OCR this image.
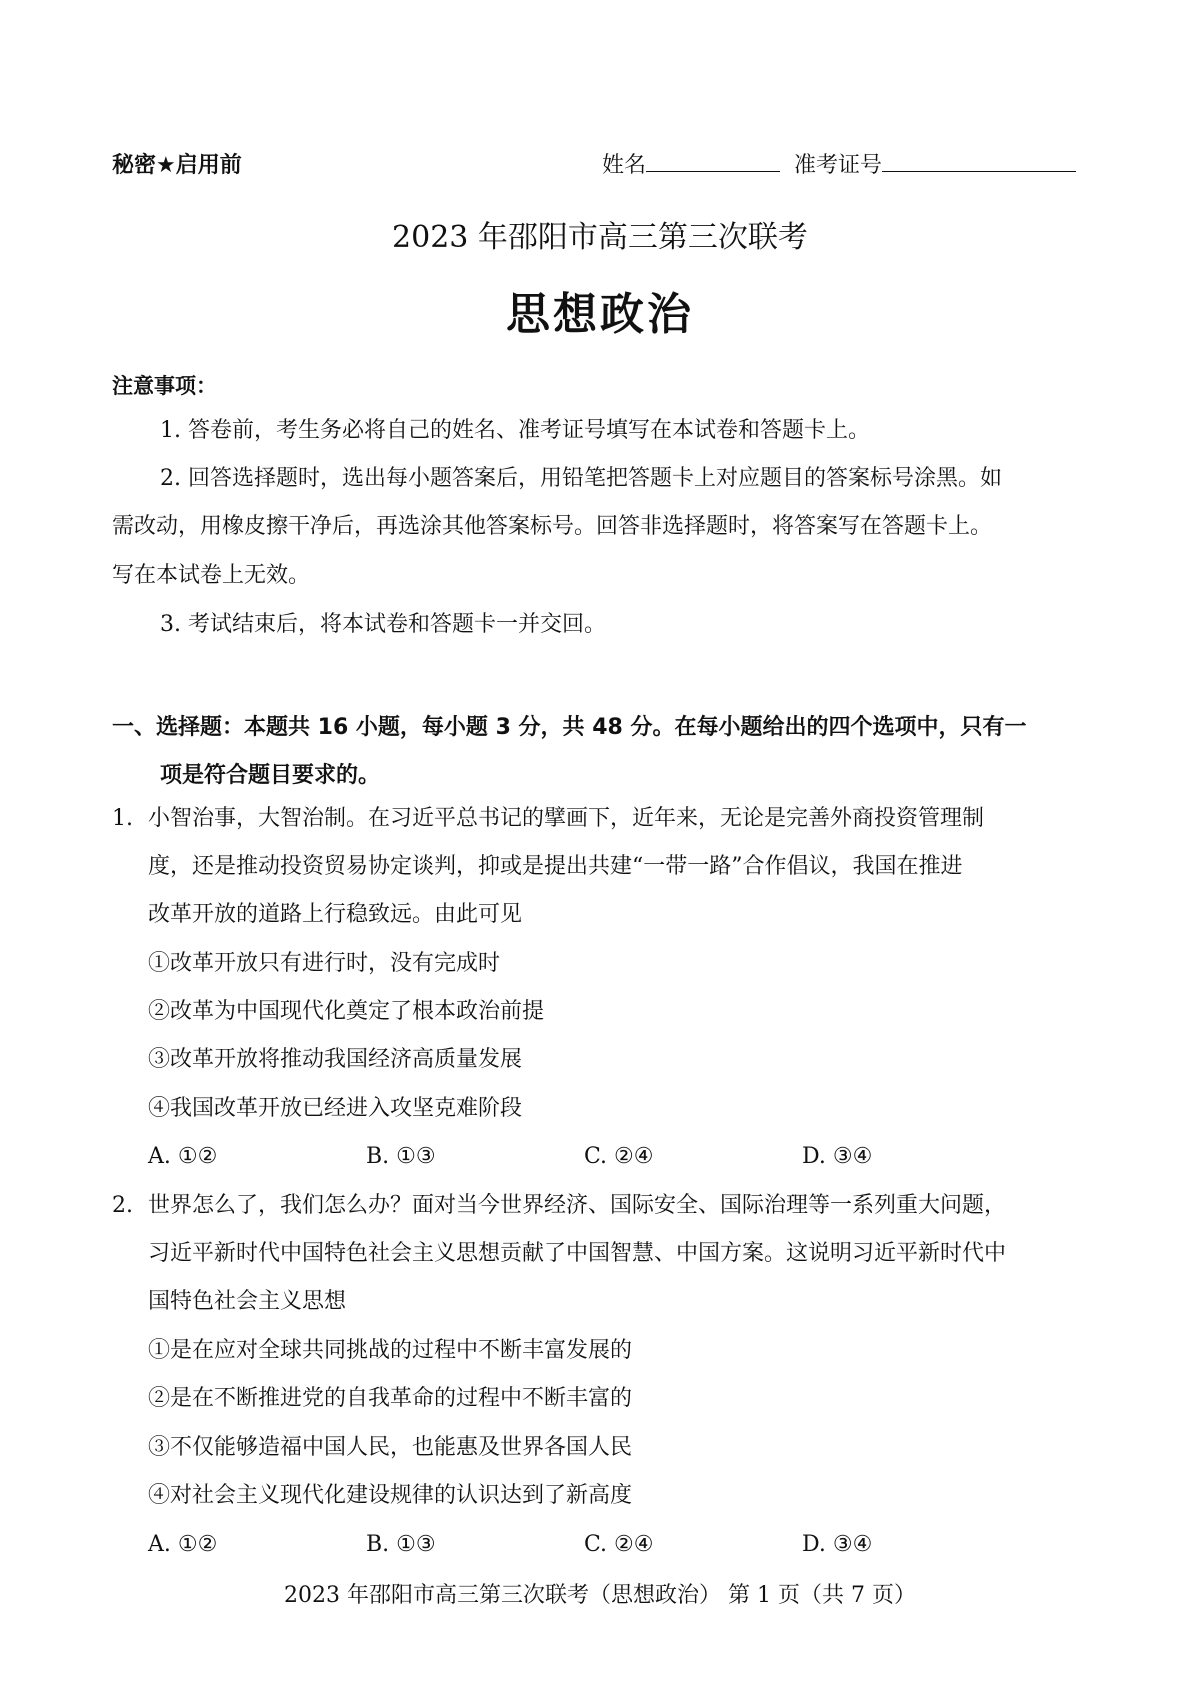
秘密★启用前	姓名	准考证号
2023 年邵阳市高三第三次联考
思想政治
注意事项：
1. 答卷前，考生务必将自己的姓名、准考证号填写在本试卷和答题卡上。
2. 回答选择题时，选出每小题答案后，用铅笔把答题卡上对应题目的答案标号涂黑。如
需改动，用橡皮擦干净后，再选涂其他答案标号。回答非选择题时，将答案写在答题卡上。
写在本试卷上无效。
3. 考试结束后，将本试卷和答题卡一并交回。
一、选择题：本题共 16 小题，每小题 3 分，共 48 分。在每小题给出的四个选项中，只有一
项是符合题目要求的。
1. 小智治事，大智治制。在习近平总书记的擘画下，近年来，无论是完善外商投资管理制
度，还是推动投资贸易协定谈判，抑或是提出共建“一带一路”合作倡议，我国在推进
改革开放的道路上行稳致远。由此可见
①改革开放只有进行时，没有完成时
②改革为中国现代化奠定了根本政治前提
③改革开放将推动我国经济高质量发展
④我国改革开放已经进入攻坚克难阶段
A. ①②	B. ①③	C. ②④	D. ③④
2. 世界怎么了，我们怎么办？面对当今世界经济、国际安全、国际治理等一系列重大问题，
习近平新时代中国特色社会主义思想贡献了中国智慧、中国方案。这说明习近平新时代中
国特色社会主义思想
①是在应对全球共同挑战的过程中不断丰富发展的
②是在不断推进党的自我革命的过程中不断丰富的
③不仅能够造福中国人民，也能惠及世界各国人民
④对社会主义现代化建设规律的认识达到了新高度
A. ①②	B. ①③	C. ②④	D. ③④
2023 年邵阳市高三第三次联考（思想政治） 第 1 页（共 7 页）
